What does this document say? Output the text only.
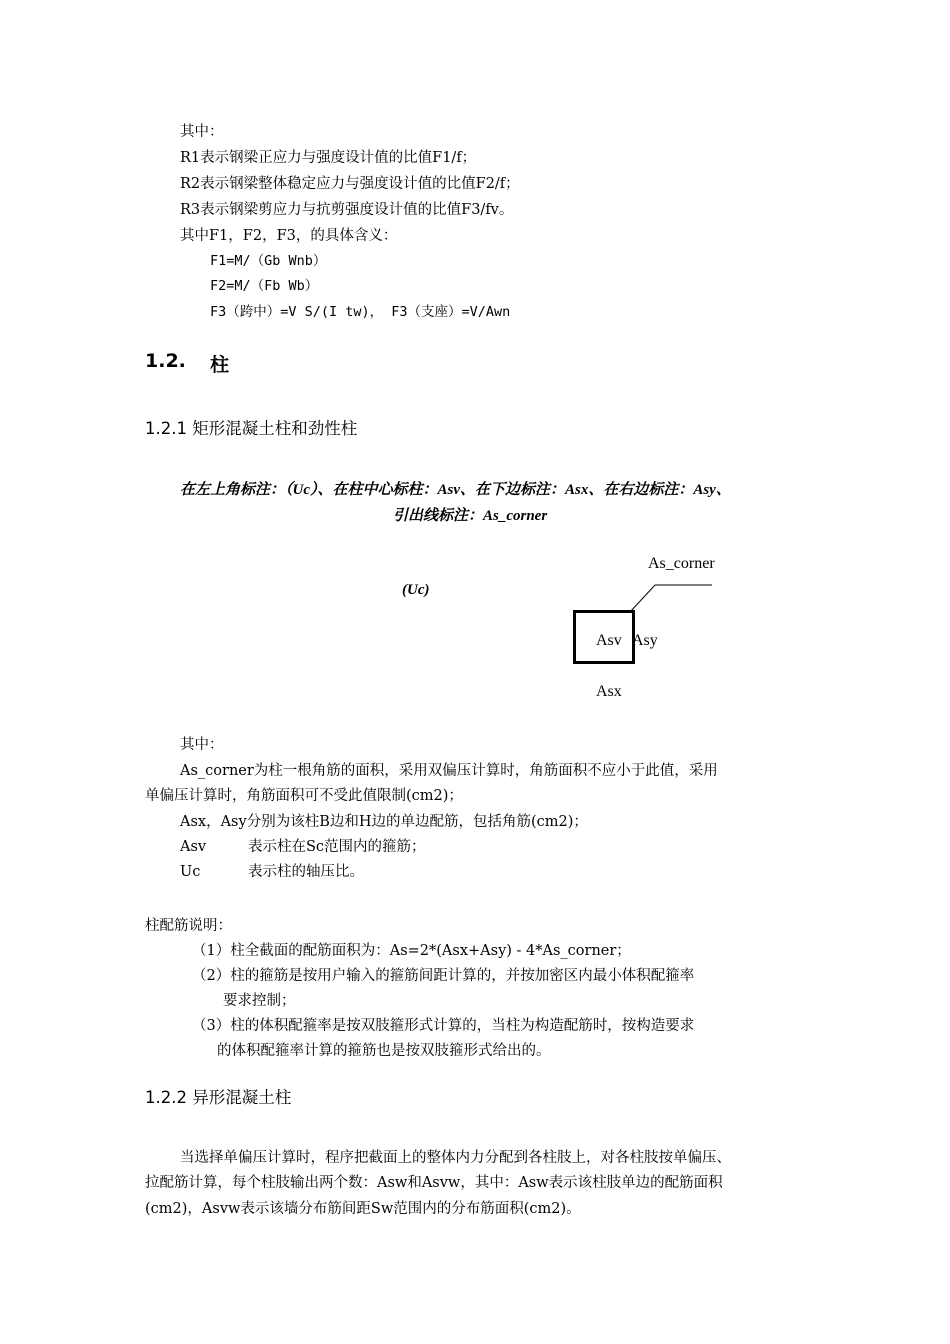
其中：
R1表示钢梁正应力与强度设计值的比值F1/f；
R2表示钢梁整体稳定应力与强度设计值的比值F2/f；
R3表示钢梁剪应力与抗剪强度设计值的比值F3/fv。
其中F1，F2，F3，的具体含义：
F1=M/（Gb Wnb）
F2=M/（Fb Wb）
F3（跨中）=V S/(I tw)， F3（支座）=V/Awn
1.2. 柱
1.2.1 矩形混凝土柱和劲性柱
在左上角标注：（Uc）、在柱中心标柱：Asv、在下边标注：Asx、在右边标注：Asy、
引出线标注：As_corner
(Uc)
As_corner
Asv Asy
Asx
其中：
As_corner为柱一根角筋的面积，采用双偏压计算时，角筋面积不应小于此值，采用
单偏压计算时，角筋面积可不受此值限制(cm2)；
Asx，Asy分别为该柱B边和H边的单边配筋，包括角筋(cm2)；
Asv	表示柱在Sc范围内的箍筋；
Uc	表示柱的轴压比。
柱配筋说明：
（1）柱全截面的配筋面积为：As=2*(Asx+Asy) - 4*As_corner；
（2）柱的箍筋是按用户输入的箍筋间距计算的，并按加密区内最小体积配箍率
要求控制；
（3）柱的体积配箍率是按双肢箍形式计算的，当柱为构造配筋时，按构造要求
的体积配箍率计算的箍筋也是按双肢箍形式给出的。
1.2.2 异形混凝土柱
当选择单偏压计算时，程序把截面上的整体内力分配到各柱肢上，对各柱肢按单偏压、
拉配筋计算，每个柱肢输出两个数：Asw和Asvw，其中：Asw表示该柱肢单边的配筋面积
(cm2)，Asvw表示该墙分布筋间距Sw范围内的分布筋面积(cm2)。
